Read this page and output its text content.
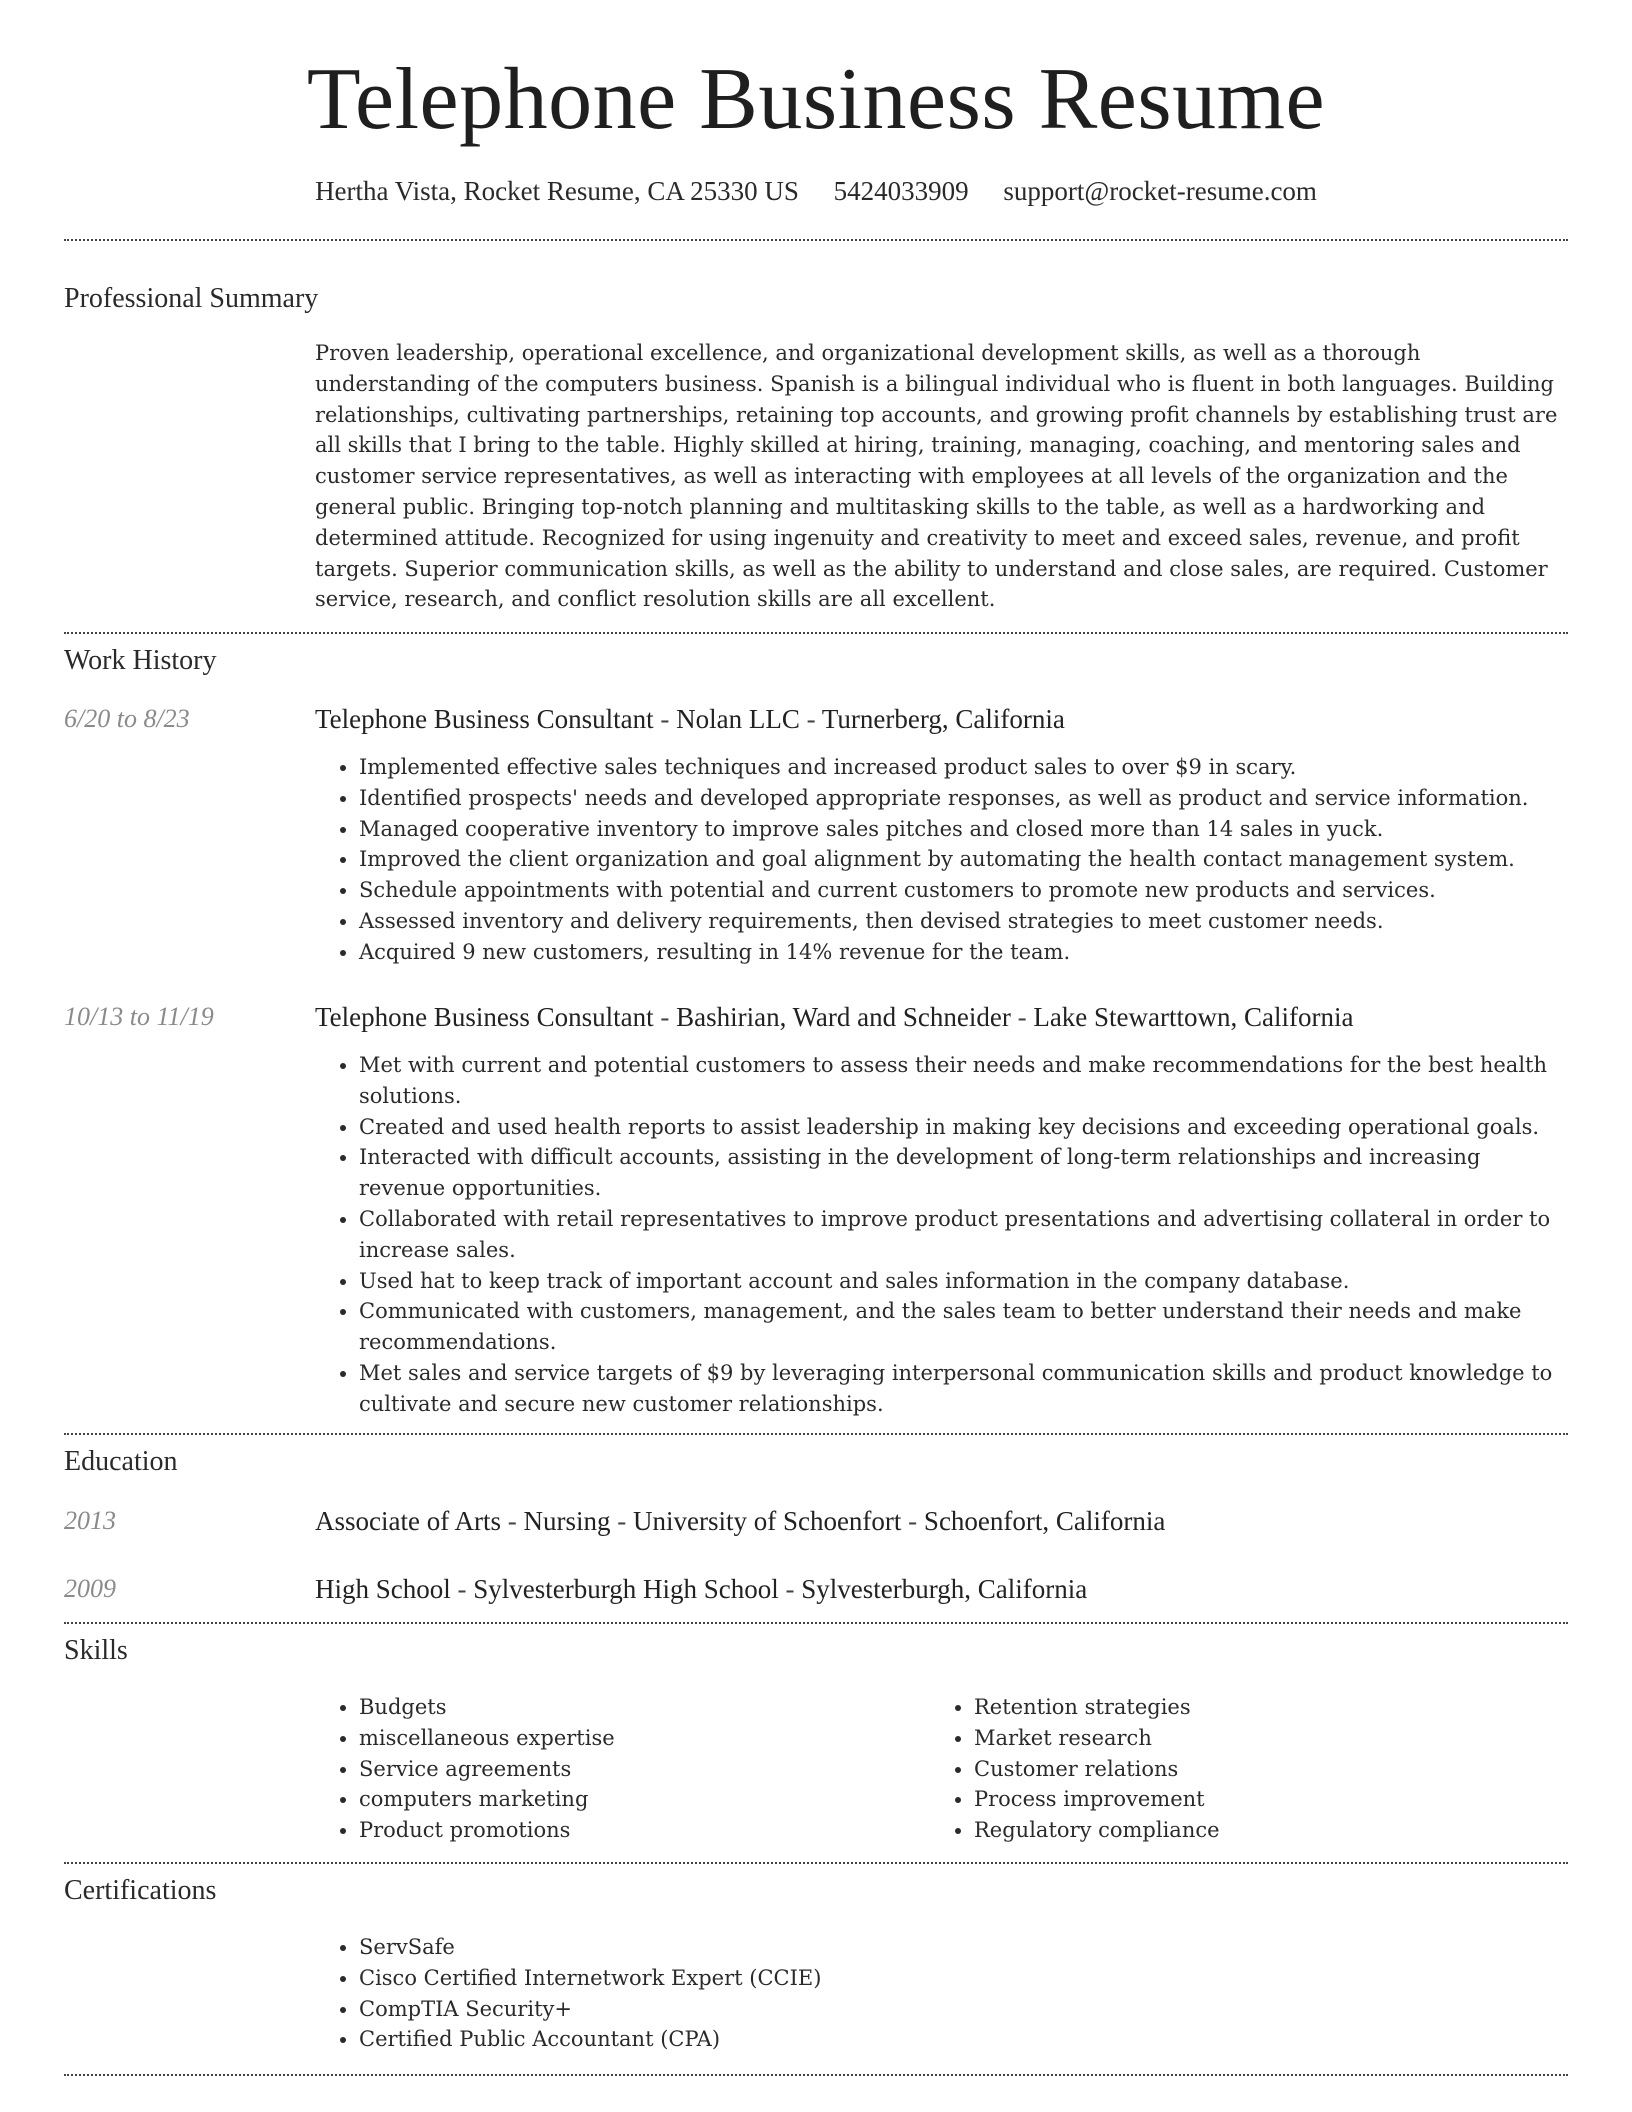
Telephone Business Resume
Hertha Vista, Rocket Resume, CA 25330 US 5424033909 support@rocket-resume.com
Professional Summary

Proven leadership, operational excellence, and organizational development skills, as well as a thorough understanding of the computers business. Spanish is a bilingual individual who is fluent in both languages. Building relationships, cultivating partnerships, retaining top accounts, and growing profit channels by establishing trust are all skills that I bring to the table. Highly skilled at hiring, training, managing, coaching, and mentoring sales and customer service representatives, as well as interacting with employees at all levels of the organization and the general public. Bringing top-notch planning and multitasking skills to the table, as well as a hardworking and determined attitude. Recognized for using ingenuity and creativity to meet and exceed sales, revenue, and profit targets. Superior communication skills, as well as the ability to understand and close sales, are required. Customer service, research, and conflict resolution skills are all excellent.

Work History
6/20 to 8/23	Telephone Business Consultant - Nolan LLC - Turnerberg, California

• Implemented effective sales techniques and increased product sales to over $9 in scary.
• Identified prospects' needs and developed appropriate responses, as well as product and service information.
• Managed cooperative inventory to improve sales pitches and closed more than 14 sales in yuck.
• Improved the client organization and goal alignment by automating the health contact management system.
• Schedule appointments with potential and current customers to promote new products and services.
• Assessed inventory and delivery requirements, then devised strategies to meet customer needs.
• Acquired 9 new customers, resulting in 14% revenue for the team.
10/13 to 11/19	Telephone Business Consultant - Bashirian, Ward and Schneider - Lake Stewarttown, California

• Met with current and potential customers to assess their needs and make recommendations for the best health solutions.
• Created and used health reports to assist leadership in making key decisions and exceeding operational goals.
• Interacted with difficult accounts, assisting in the development of long-term relationships and increasing revenue opportunities.
• Collaborated with retail representatives to improve product presentations and advertising collateral in order to increase sales.
• Used hat to keep track of important account and sales information in the company database.
• Communicated with customers, management, and the sales team to better understand their needs and make recommendations.
• Met sales and service targets of $9 by leveraging interpersonal communication skills and product knowledge to cultivate and secure new customer relationships.
Education
2013	Associate of Arts - Nursing - University of Schoenfort - Schoenfort, California

2009	High School - Sylvesterburgh High School - Sylvesterburgh, California

Skills
• Budgets
• miscellaneous expertise
• Service agreements
• computers marketing
• Product promotions
• Retention strategies
• Market research
• Customer relations
• Process improvement
• Regulatory compliance
Certifications
• ServSafe
• Cisco Certified Internetwork Expert (CCIE)
• CompTIA Security+
• Certified Public Accountant (CPA)
